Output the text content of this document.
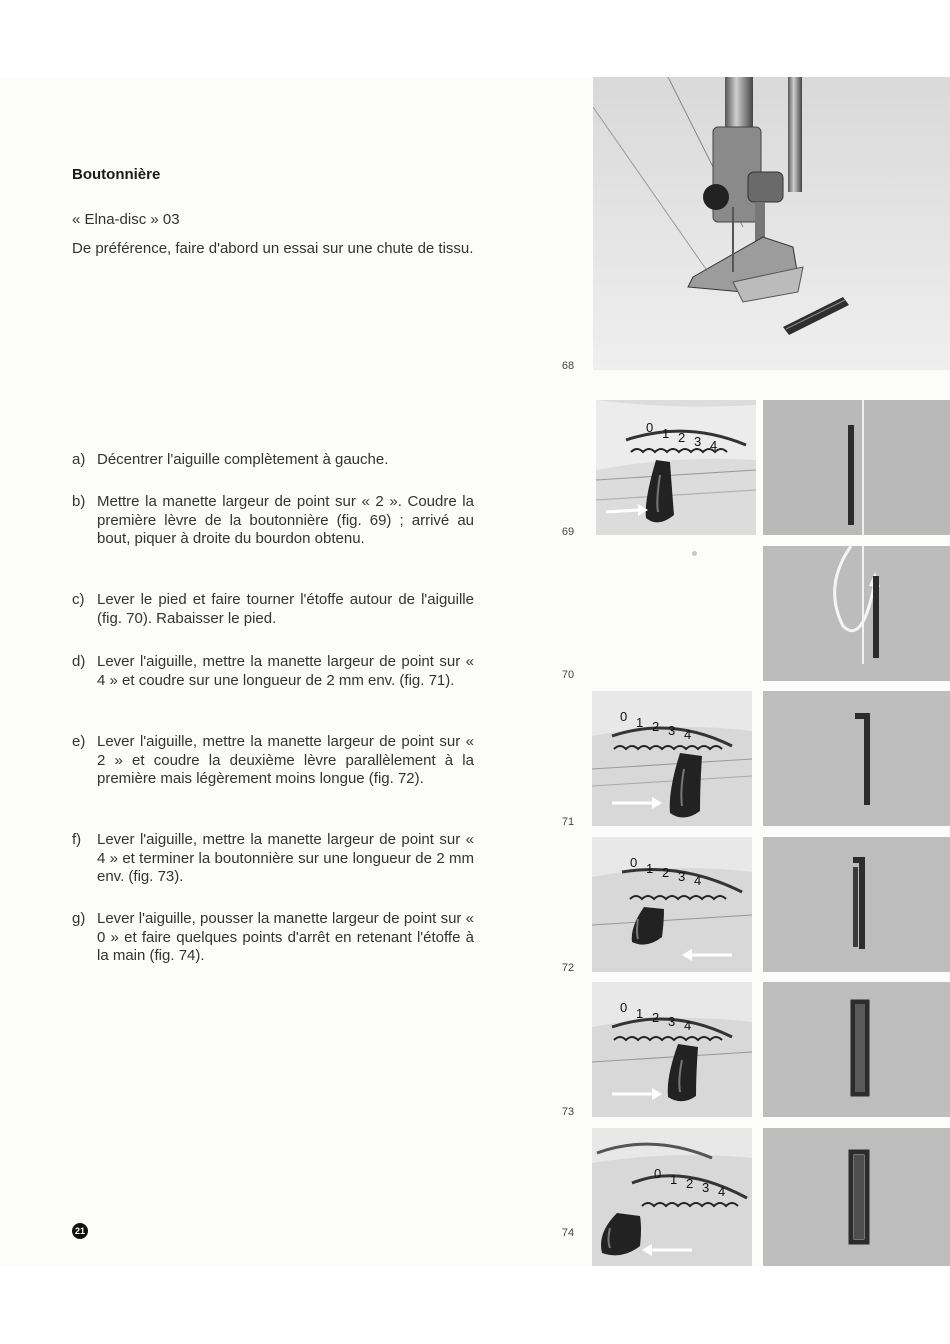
Boutonnière
« Elna-disc » 03
De préférence, faire d'abord un essai sur une chute de tissu.
a) Décentrer l'aiguille complètement à gauche.
b) Mettre la manette largeur de point sur « 2 ». Coudre la première lèvre de la boutonnière (fig. 69) ; arrivé au bout, piquer à droite du bourdon obtenu.
c) Lever le pied et faire tourner l'étoffe autour de l'aiguille (fig. 70). Rabaisser le pied.
d) Lever l'aiguille, mettre la manette largeur de point sur « 4 » et coudre sur une longueur de 2 mm env. (fig. 71).
e) Lever l'aiguille, mettre la manette largeur de point sur « 2 » et coudre la deuxième lèvre parallèlement à la première mais légèrement moins longue (fig. 72).
f) Lever l'aiguille, mettre la manette largeur de point sur « 4 » et terminer la boutonnière sur une longueur de 2 mm env. (fig. 73).
g) Lever l'aiguille, pousser la manette largeur de point sur « 0 » et faire quelques points d'arrêt en retenant l'étoffe à la main (fig. 74).
21
68
69
70
71
72
73
74
0 1 2 3 4
0 1 2 3 4
0 1 2 3 4
0 1 2 3 4
0 1 2 3 4
